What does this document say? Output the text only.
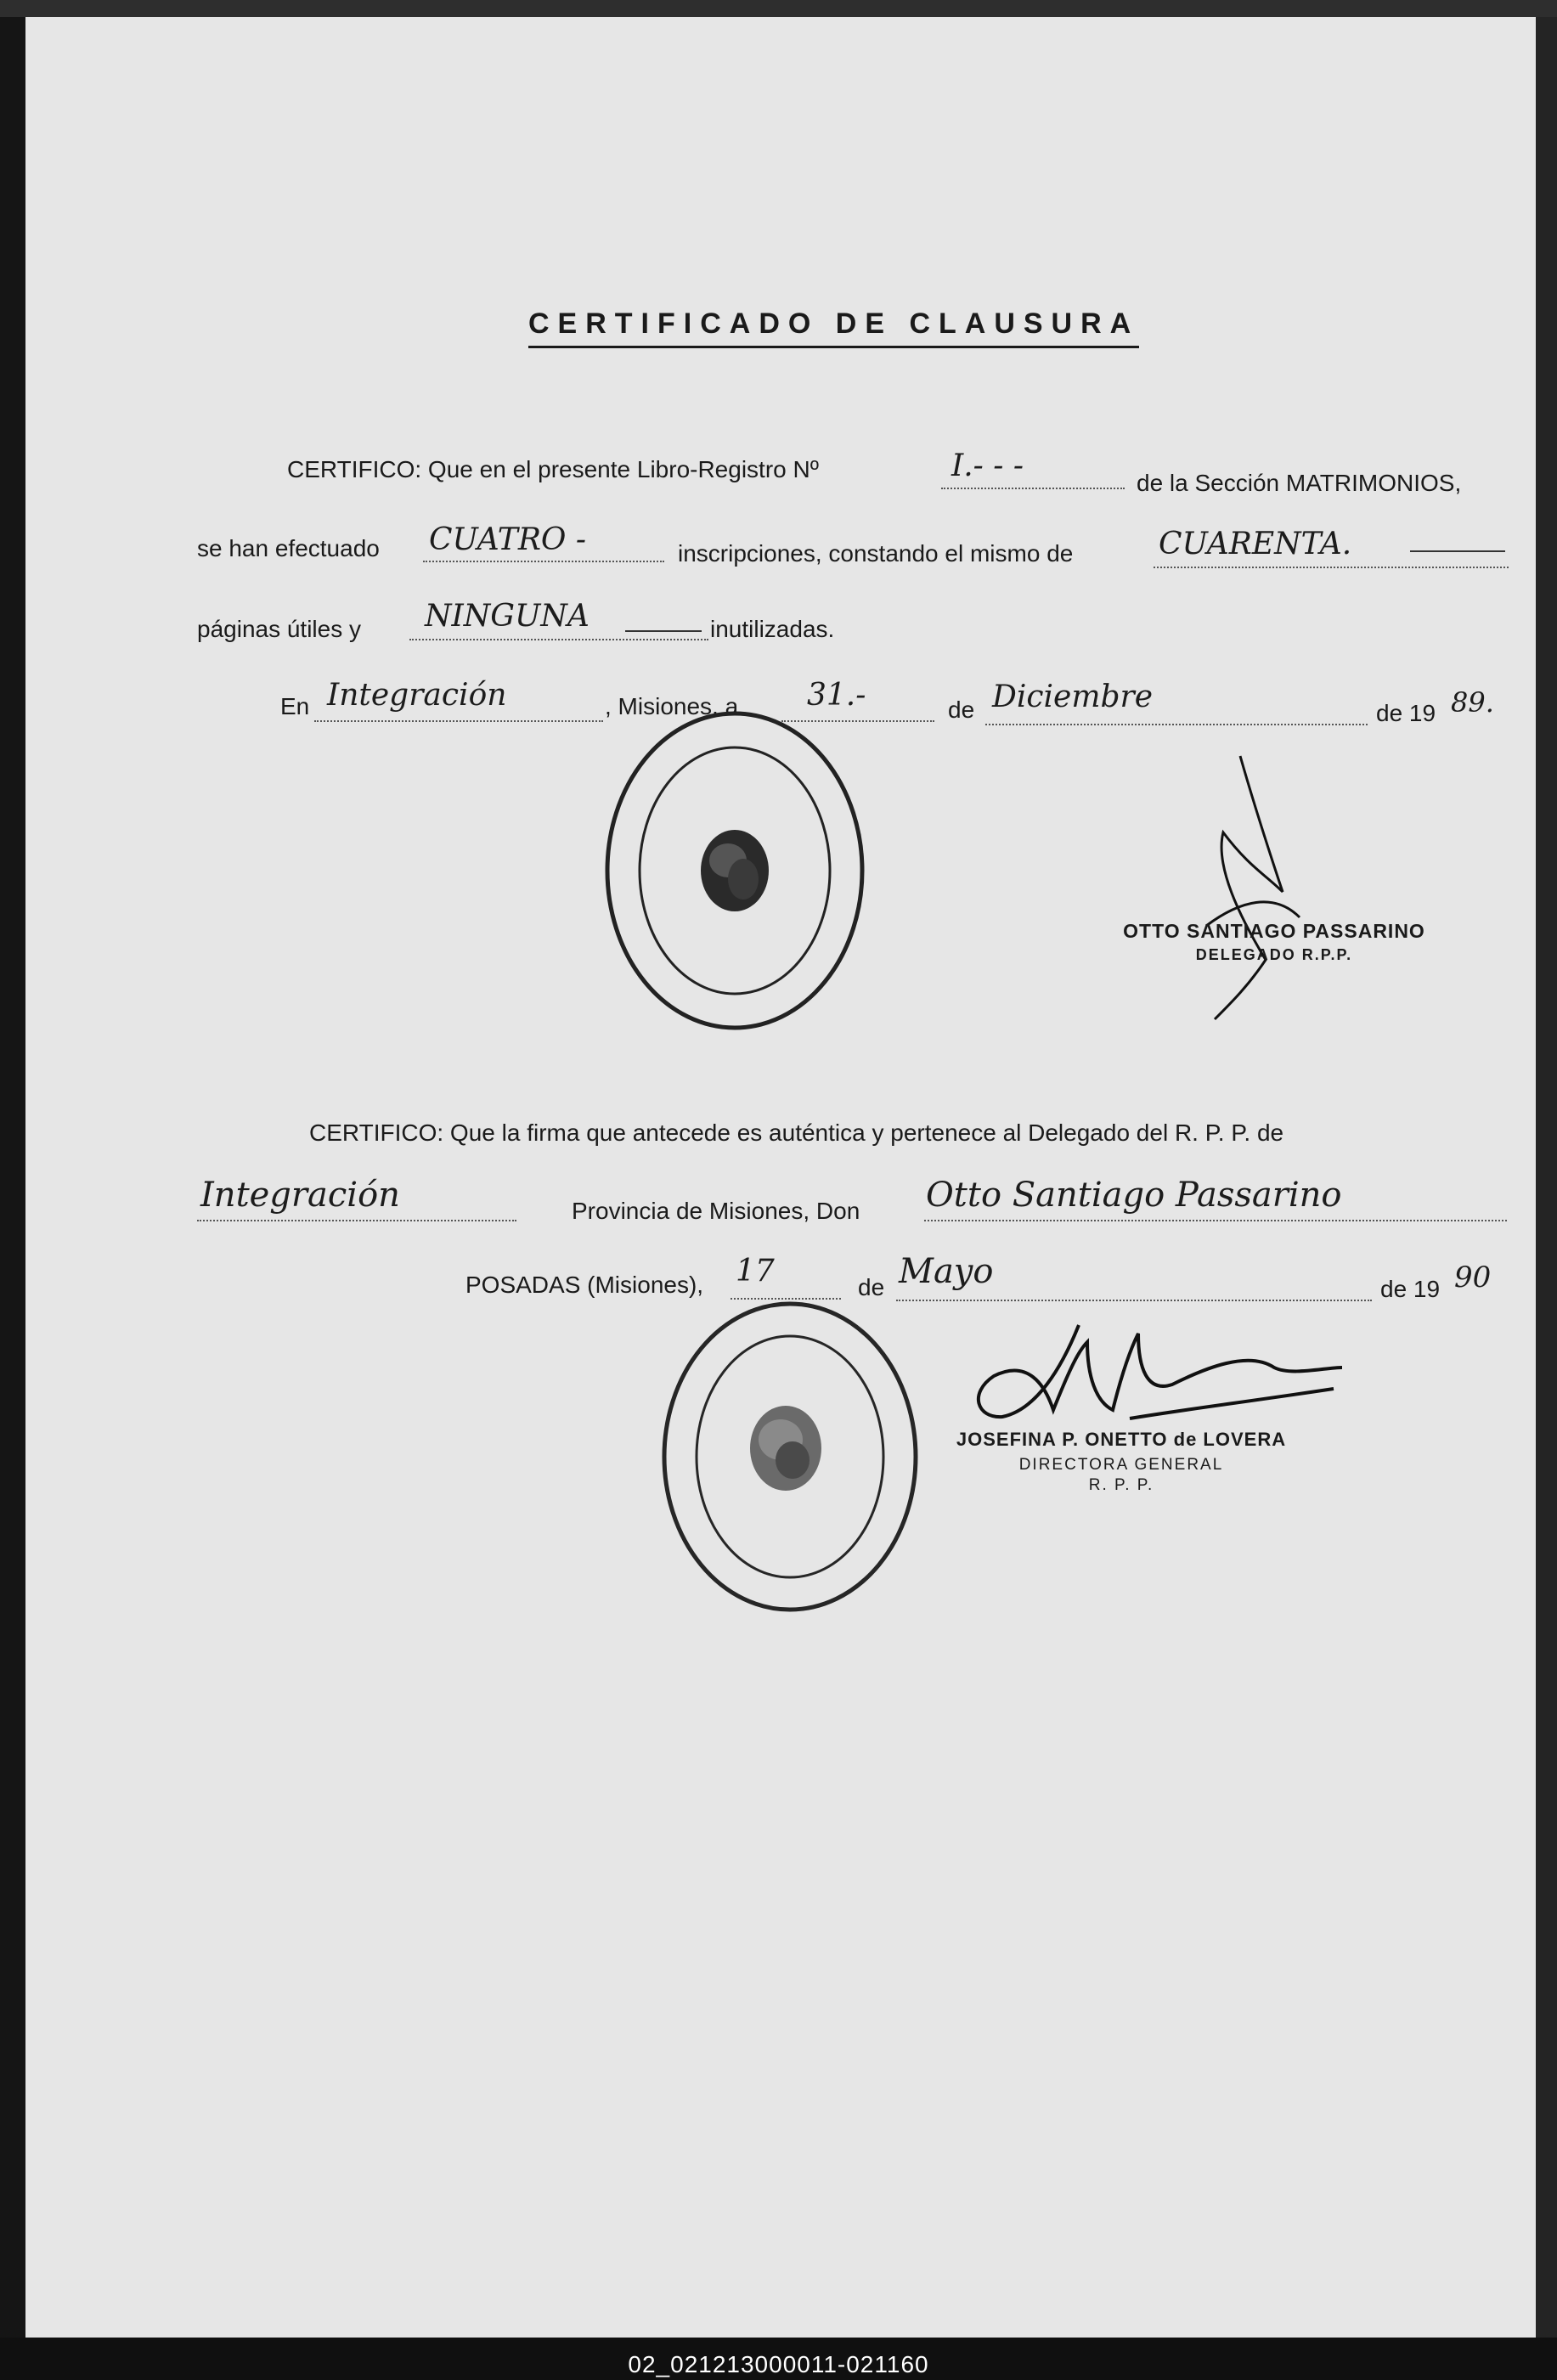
CERTIFICADO DE CLAUSURA
CERTIFICO: Que en el presente Libro-Registro Nº	I.- - -	de la Sección MATRIMONIOS,
se han efectuado CUATRO -	inscripciones, constando el mismo de	CUARENTA.
páginas útiles y NINGUNA	inutilizadas.
En Integración	, Misiones, a 31.-	de Diciembre	de 19 89.
OTTO SANTIAGO PASSARINO
DELEGADO R.P.P.
CERTIFICO: Que la firma que antecede es auténtica y pertenece al Delegado del R. P. P. de
Integración	Provincia de Misiones, Don Otto Santiago Passarino
POSADAS (Misiones), 17	de Mayo	de 19 90
JOSEFINA P. ONETTO de LOVERA
DIRECTORA GENERAL
R. P. P.
02_021213000011-021160
